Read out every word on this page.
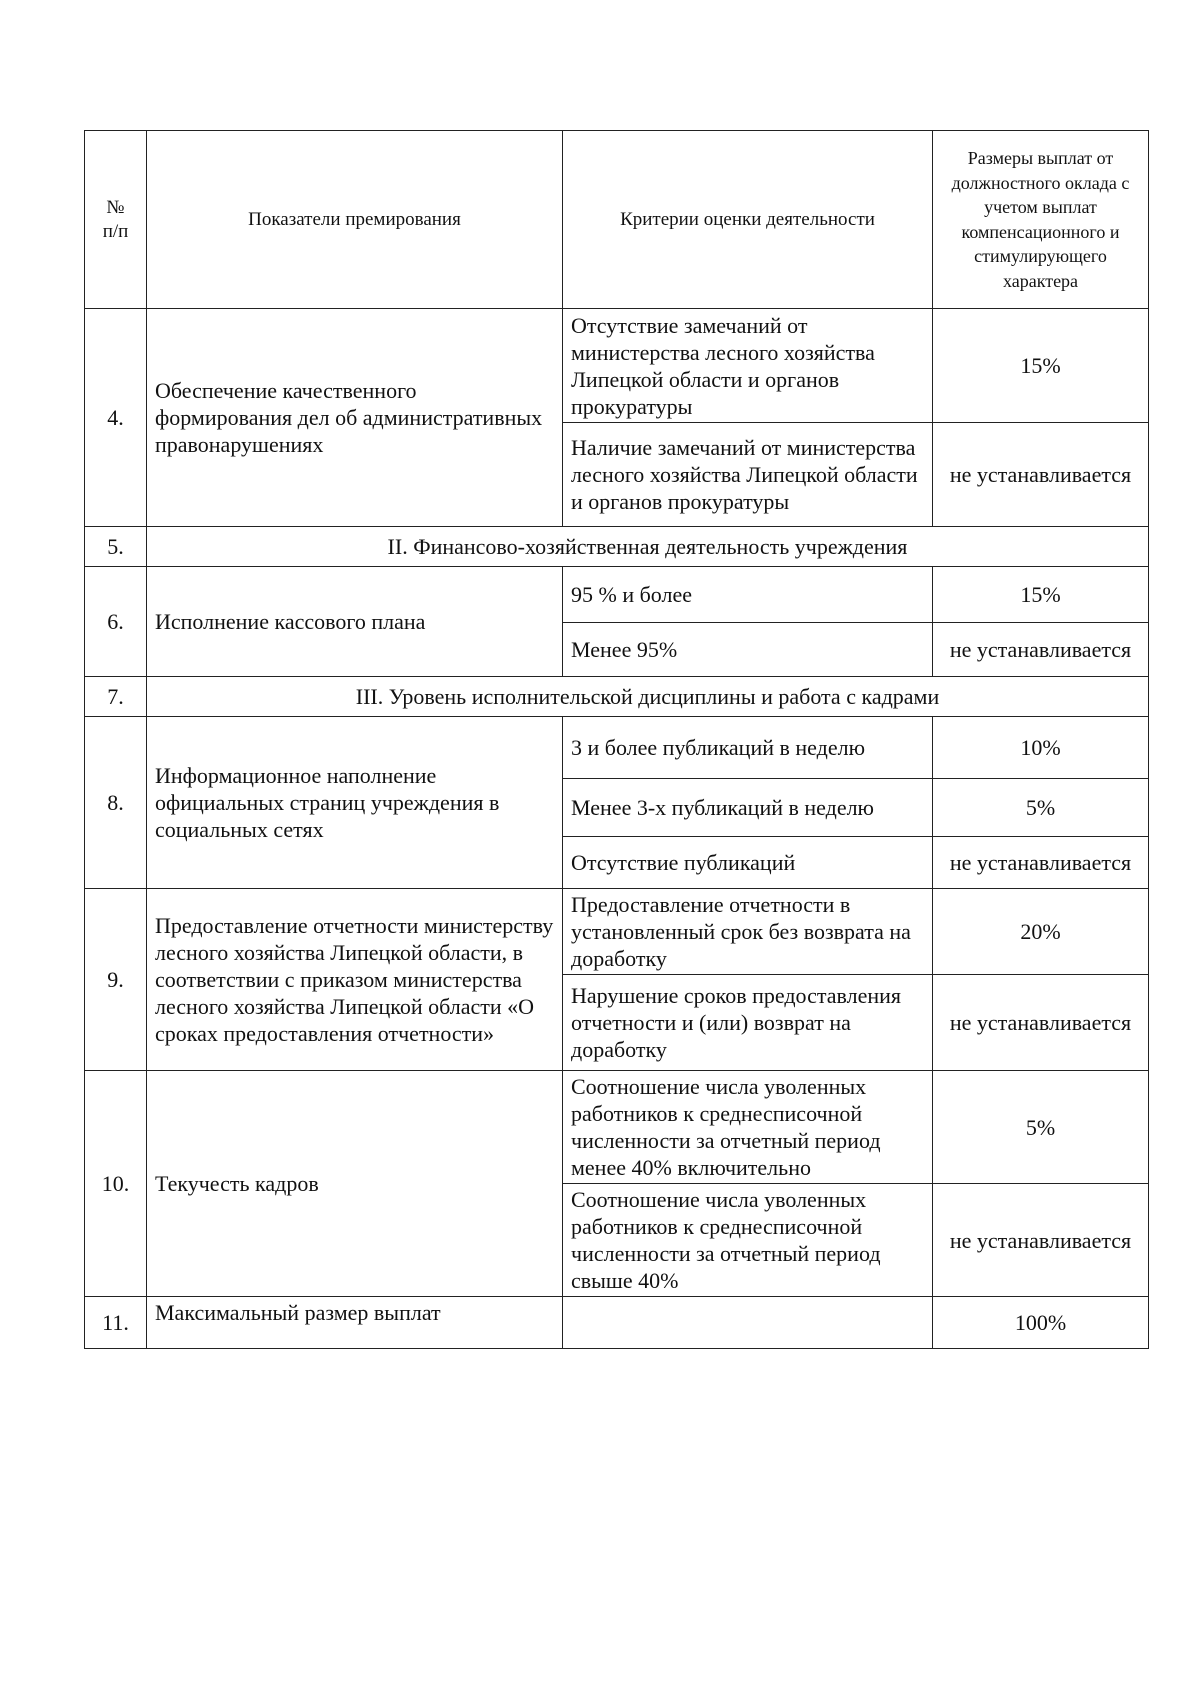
№
п/п	Показатели премирования	Критерии оценки деятельности	Размеры выплат от должностного оклада с учетом выплат компенсационного и стимулирующего характера
4.	Обеспечение качественного формирования дел об административных правонарушениях	Отсутствие замечаний от министерства лесного хозяйства Липецкой области и органов прокуратуры	15%
		Наличие замечаний от министерства лесного хозяйства Липецкой области и органов прокуратуры	не устанавливается
5.	II. Финансово-хозяйственная деятельность учреждения		
6.	Исполнение кассового плана	95 % и более	15%
		Менее 95%	не устанавливается
7.	III. Уровень исполнительской дисциплины и работа с кадрами		
8.	Информационное наполнение официальных страниц учреждения в социальных сетях	3 и более публикаций в неделю	10%
		Менее 3-х публикаций в неделю	5%
		Отсутствие публикаций	не устанавливается
9.	Предоставление отчетности министерству лесного хозяйства Липецкой области, в соответствии с приказом министерства лесного хозяйства Липецкой области «О сроках предоставления отчетности»	Предоставление отчетности в установленный срок без возврата на доработку	20%
		Нарушение сроков предоставления отчетности и (или) возврат на доработку	не устанавливается
10.	Текучесть кадров	Соотношение числа уволенных работников к среднесписочной численности за отчетный период менее 40% включительно	5%
		Соотношение числа уволенных работников к среднесписочной численности за отчетный период свыше 40%	не устанавливается
11.	Максимальный размер выплат		100%
